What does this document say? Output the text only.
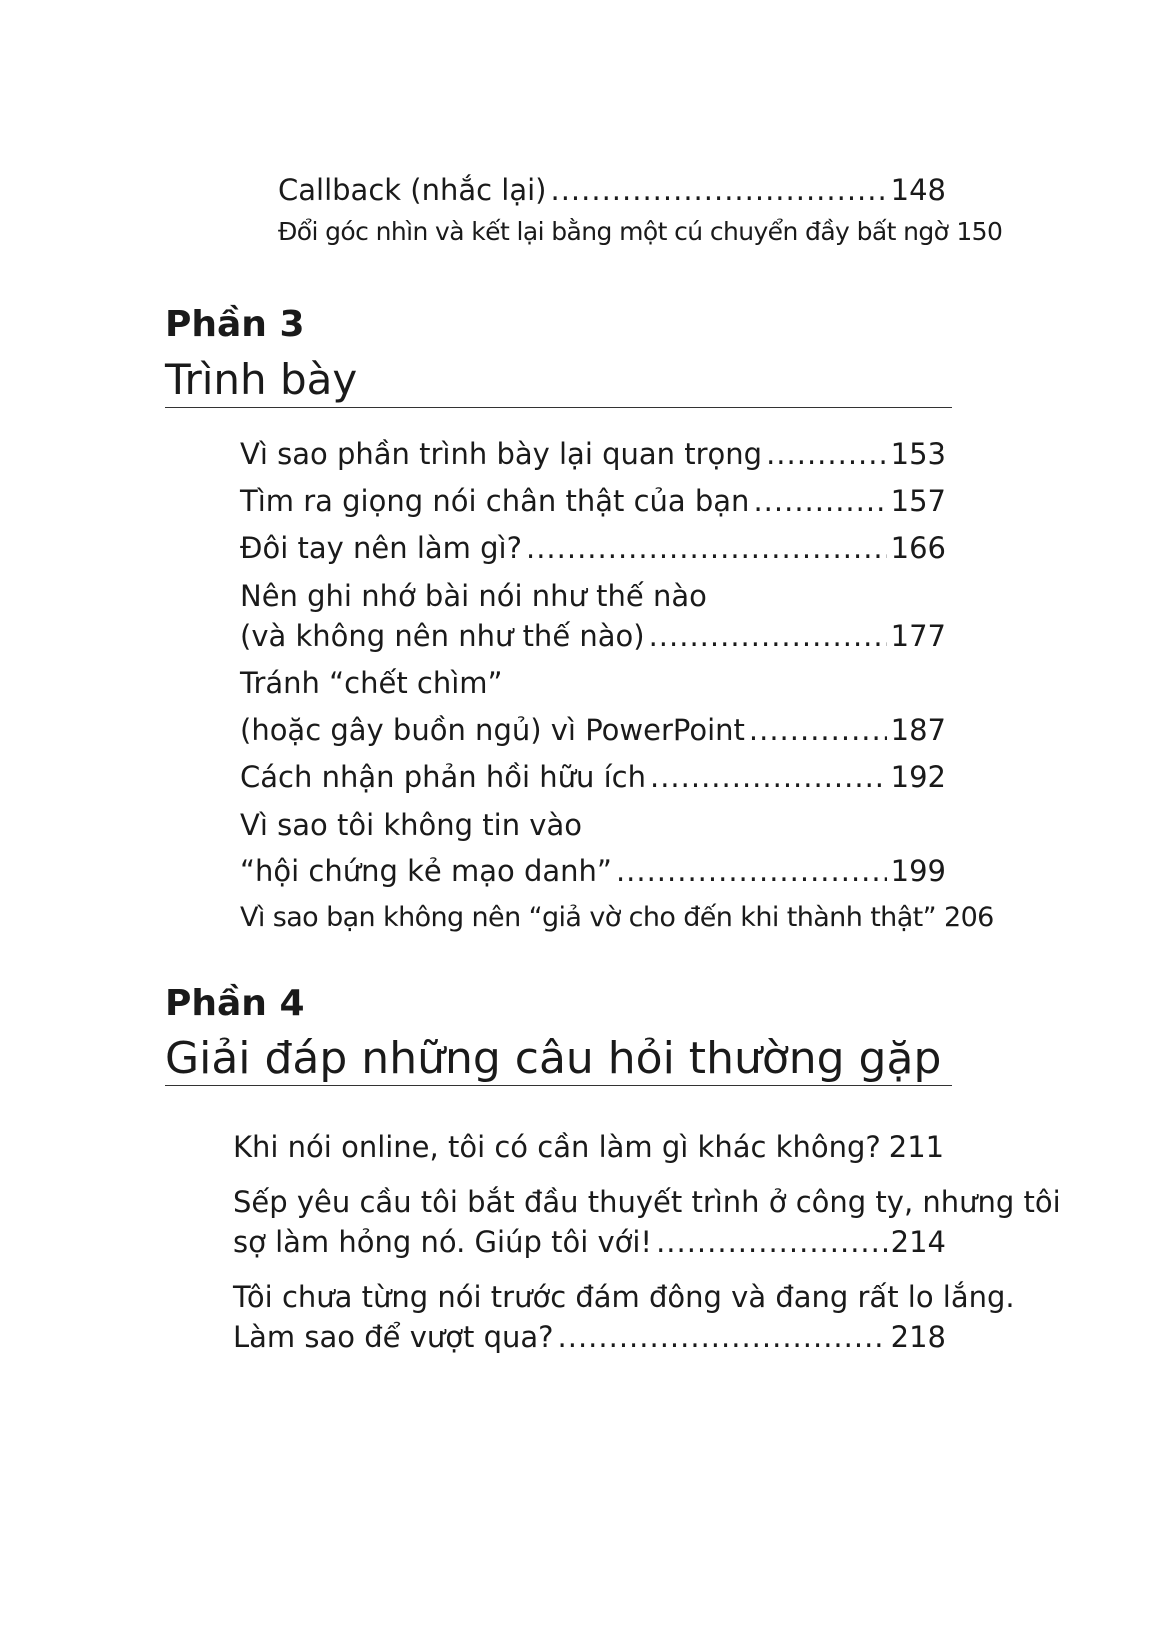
Callback (nhắc lại) .....	148
Đổi góc nhìn và kết lại bằng một cú chuyển đầy bất ngờ 150
Phần 3
Trình bày
Vì sao phần trình bày lại quan trọng .....	153
Tìm ra giọng nói chân thật của bạn .....	157
Đôi tay nên làm gì? .....	166
Nên ghi nhớ bài nói như thế nào
(và không nên như thế nào) .....	177
Tránh “chết chìm”
(hoặc gây buồn ngủ) vì PowerPoint .....	187
Cách nhận phản hồi hữu ích .....	192
Vì sao tôi không tin vào
“hội chứng kẻ mạo danh” .....	199
Vì sao bạn không nên “giả vờ cho đến khi thành thật” 206
Phần 4
Giải đáp những câu hỏi thường gặp
Khi nói online, tôi có cần làm gì khác không? 211
Sếp yêu cầu tôi bắt đầu thuyết trình ở công ty, nhưng tôi
sợ làm hỏng nó. Giúp tôi với! .....	214
Tôi chưa từng nói trước đám đông và đang rất lo lắng.
Làm sao để vượt qua? .....	218
